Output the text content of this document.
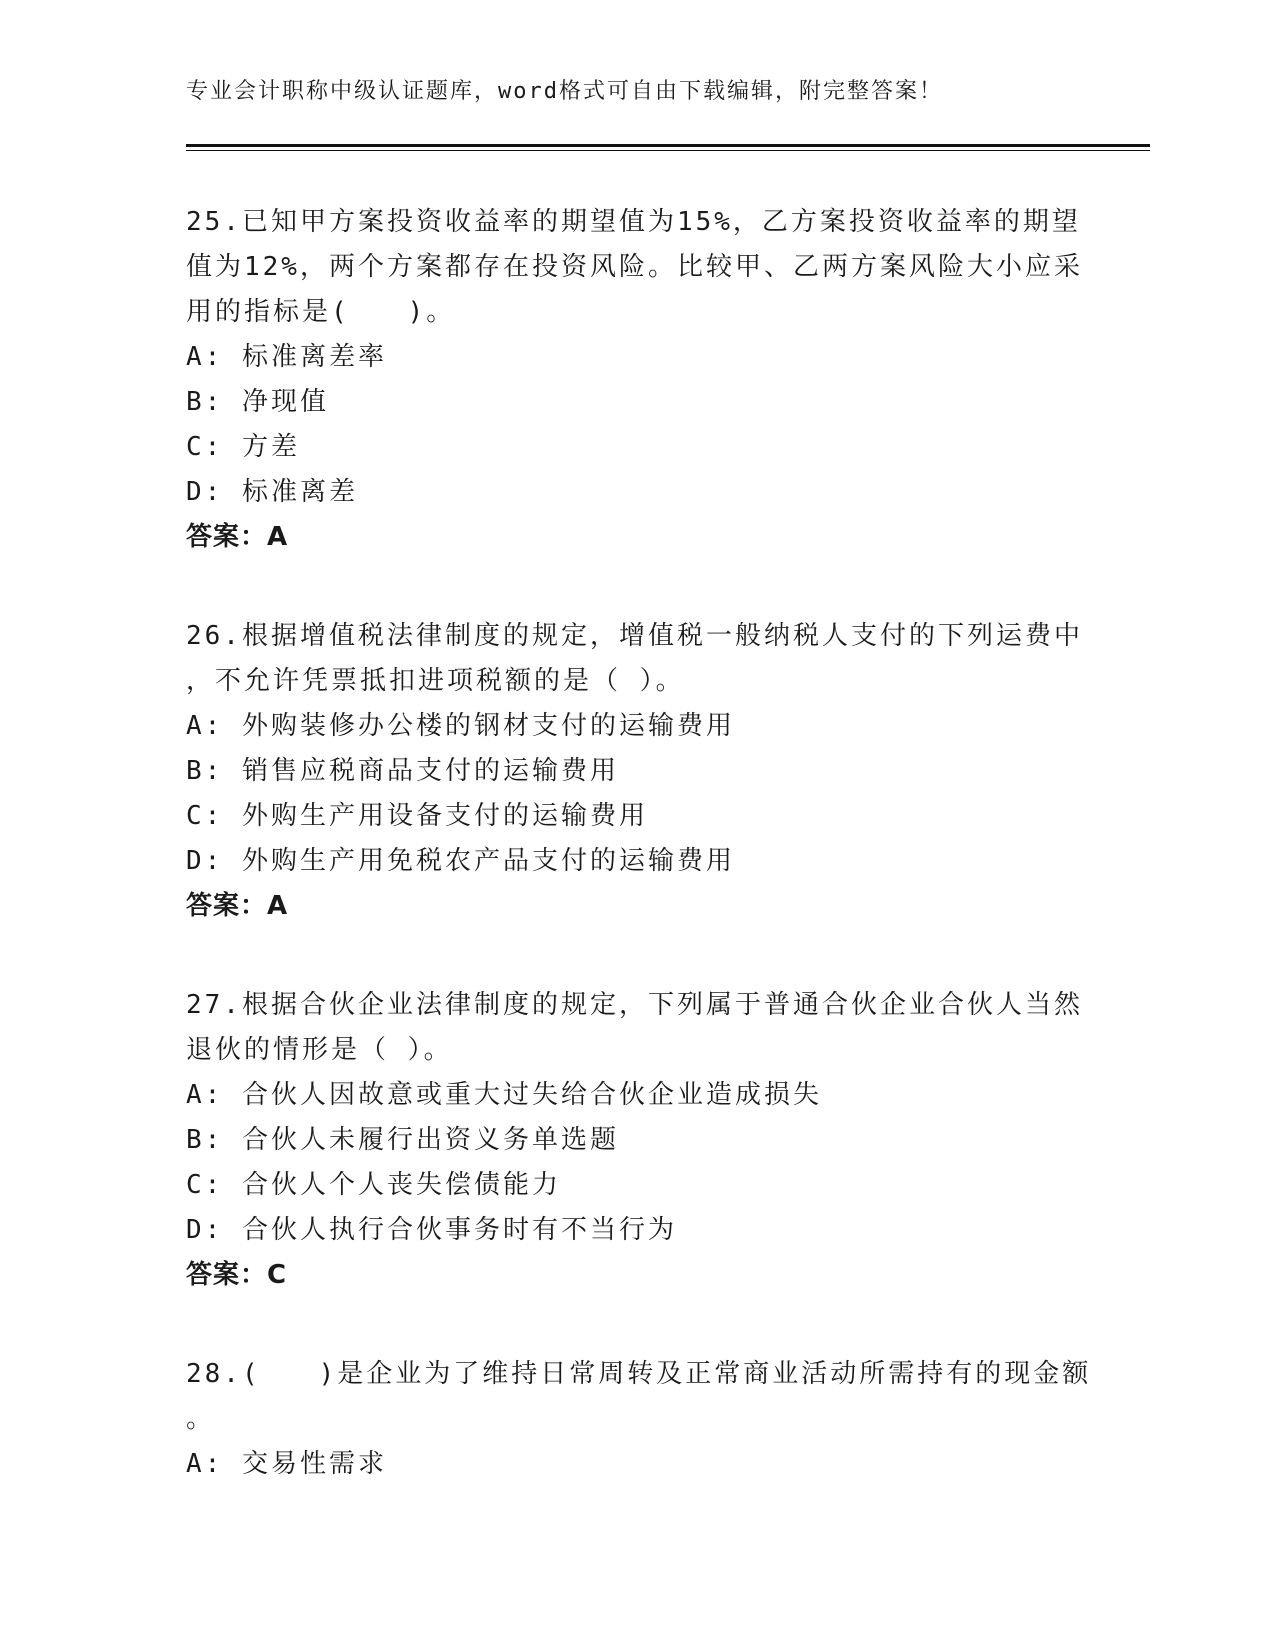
专业会计职称中级认证题库，word格式可自由下载编辑，附完整答案！
25.已知甲方案投资收益率的期望值为15%，乙方案投资收益率的期望
值为12%，两个方案都存在投资风险。比较甲、乙两方案风险大小应采
用的指标是(　　)。
A: 标准离差率
B: 净现值
C: 方差
D: 标准离差
答案：A
26.根据增值税法律制度的规定，增值税一般纳税人支付的下列运费中
，不允许凭票抵扣进项税额的是（ ）。
A: 外购装修办公楼的钢材支付的运输费用
B: 销售应税商品支付的运输费用
C: 外购生产用设备支付的运输费用
D: 外购生产用免税农产品支付的运输费用
答案：A
27.根据合伙企业法律制度的规定，下列属于普通合伙企业合伙人当然
退伙的情形是（ ）。
A: 合伙人因故意或重大过失给合伙企业造成损失
B: 合伙人未履行出资义务单选题
C: 合伙人个人丧失偿债能力
D: 合伙人执行合伙事务时有不当行为
答案：C
28.(　　)是企业为了维持日常周转及正常商业活动所需持有的现金额
。
A: 交易性需求
